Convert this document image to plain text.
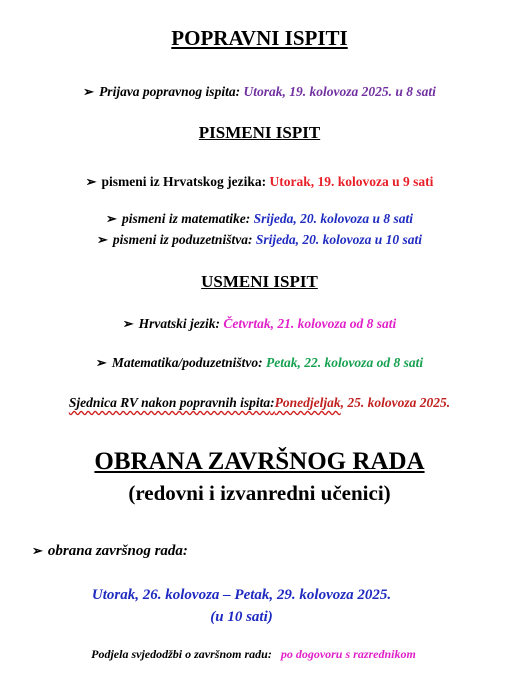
POPRAVNI ISPITI
➢ Prijava popravnog ispita: Utorak, 19. kolovoza 2025. u 8 sati
PISMENI ISPIT
➢ pismeni iz Hrvatskog jezika: Utorak, 19. kolovoza u 9 sati
➢ pismeni iz matematike: Srijeda, 20. kolovoza u 8 sati
➢ pismeni iz poduzetništva: Srijeda, 20. kolovoza u 10 sati
USMENI ISPIT
➢ Hrvatski jezik: Četvrtak, 21. kolovoza od 8 sati
➢ Matematika/poduzetništvo: Petak, 22. kolovoza od 8 sati
Sjednica RV nakon popravnih ispita:Ponedjeljak, 25. kolovoza 2025.
OBRANA ZAVRŠNOG RADA
(redovni i izvanredni učenici)
➢ obrana završnog rada:
Utorak, 26. kolovoza – Petak, 29. kolovoza 2025.
(u 10 sati)
Podjela svjedodžbi o završnom radu: po dogovoru s razrednikom
